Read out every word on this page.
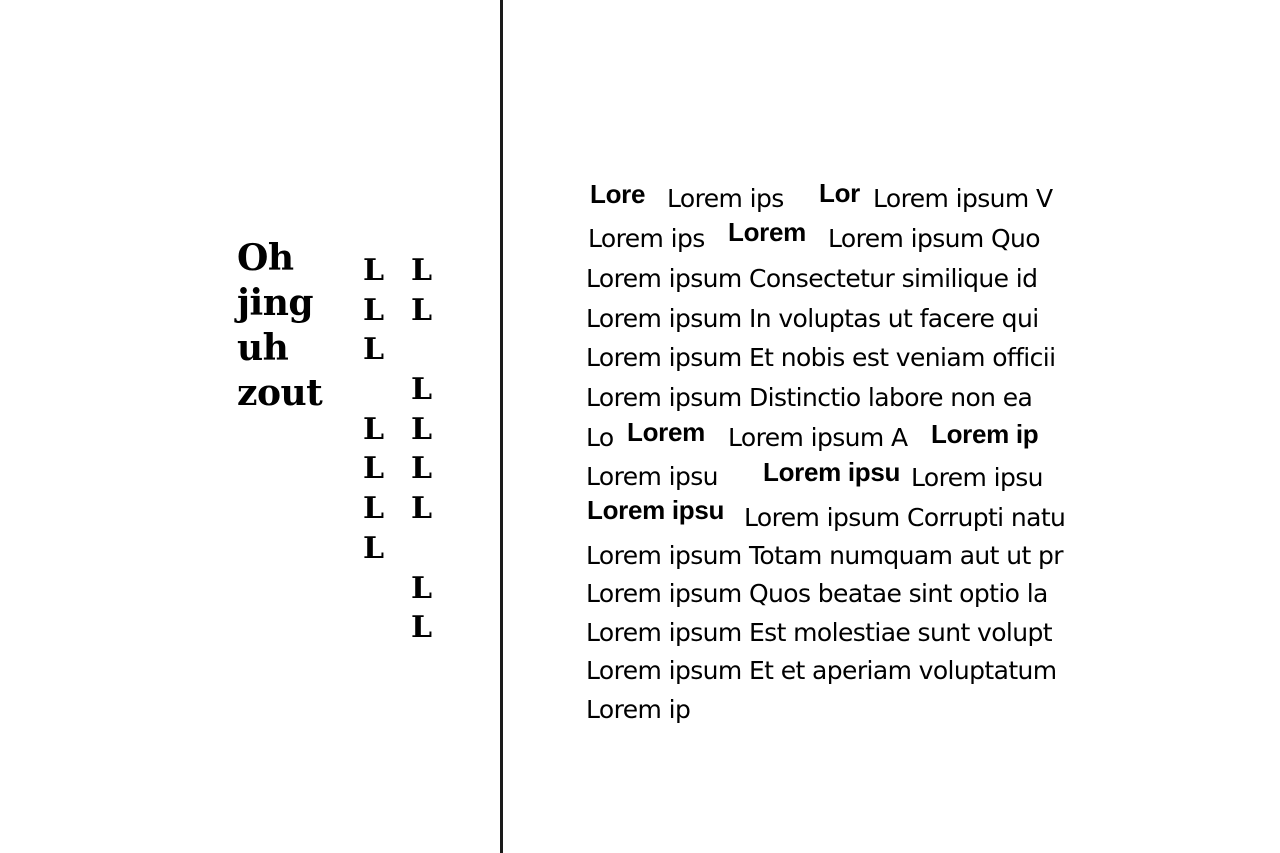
Oh
jing
uh
zout
L
L
L
L
L
L
L
L
L
L
L
L
L
L
L
Lore Lorem ips Lor Lorem ipsum V
Lorem ips Lorem Lorem ipsum Quo
Lorem ipsum Consectetur similique id
Lorem ipsum In voluptas ut facere qui
Lorem ipsum Et nobis est veniam officii
Lorem ipsum Distinctio labore non ea
Lo Lorem Lorem ipsum A Lorem ip
Lorem ipsu Lorem ipsu Lorem ipsu
Lorem ipsu Lorem ipsum Corrupti natu
Lorem ipsum Totam numquam aut ut pr
Lorem ipsum Quos beatae sint optio la
Lorem ipsum Est molestiae sunt volupt
Lorem ipsum Et et aperiam voluptatum
Lorem ip
